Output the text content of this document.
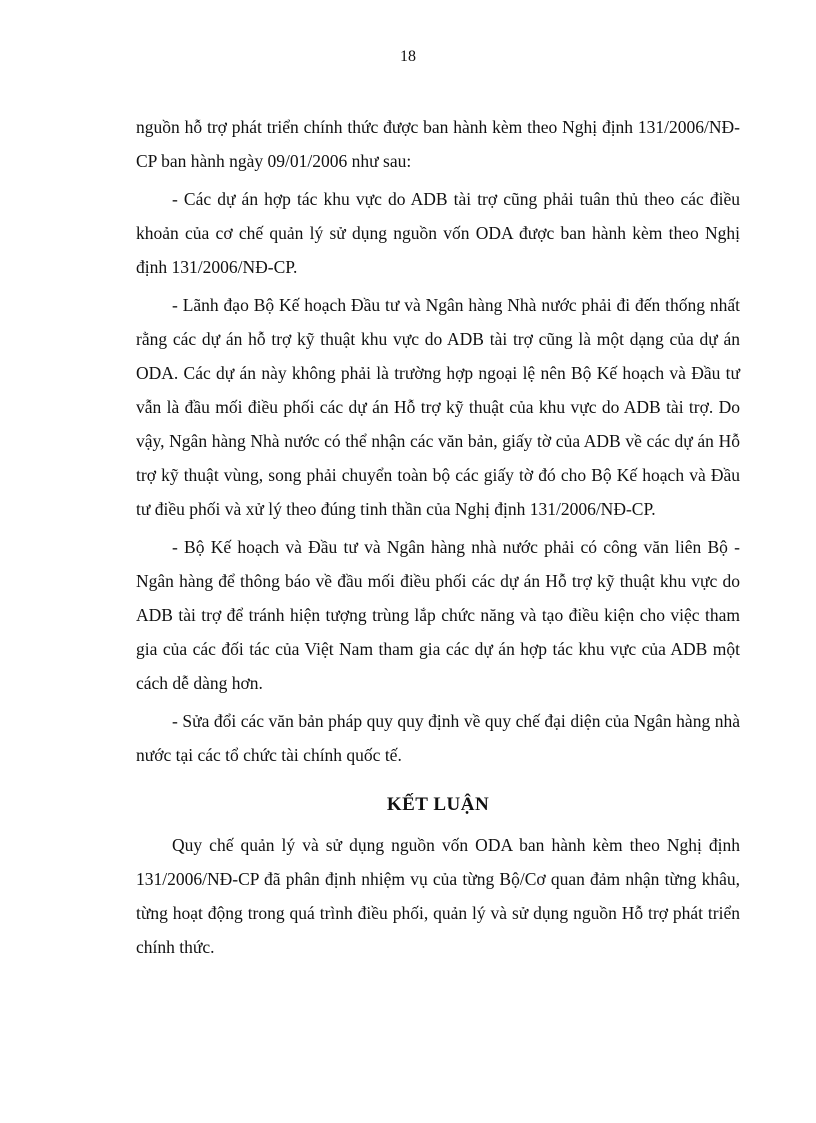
18

nguồn hỗ trợ phát triển chính thức được ban hành kèm theo Nghị định 131/2006/NĐ-CP ban hành ngày 09/01/2006 như sau:

- Các dự án hợp tác khu vực do ADB tài trợ cũng phải tuân thủ theo các điều khoản của cơ chế quản lý sử dụng nguồn vốn ODA được ban hành kèm theo Nghị định 131/2006/NĐ-CP.

- Lãnh đạo Bộ Kế hoạch Đầu tư và Ngân hàng Nhà nước phải đi đến thống nhất rằng các dự án hỗ trợ kỹ thuật khu vực do ADB tài trợ cũng là một dạng của dự án ODA. Các dự án này không phải là trường hợp ngoại lệ nên Bộ Kế hoạch và Đầu tư vẫn là đầu mối điều phối các dự án Hỗ trợ kỹ thuật của khu vực do ADB tài trợ. Do vậy, Ngân hàng Nhà nước có thể nhận các văn bản, giấy tờ của ADB về các dự án Hỗ trợ kỹ thuật vùng, song phải chuyển toàn bộ các giấy tờ đó cho Bộ Kế hoạch và Đầu tư điều phối và xử lý theo đúng tinh thần của Nghị định 131/2006/NĐ-CP.

- Bộ Kế hoạch và Đầu tư và Ngân hàng nhà nước phải có công văn liên Bộ - Ngân hàng để thông báo về đầu mối điều phối các dự án Hỗ trợ kỹ thuật khu vực do ADB tài trợ để tránh hiện tượng trùng lắp chức năng và tạo điều kiện cho việc tham gia của các đối tác của Việt Nam tham gia các dự án hợp tác khu vực của ADB một cách dễ dàng hơn.

- Sửa đổi các văn bản pháp quy quy định về quy chế đại diện của Ngân hàng nhà nước tại các tổ chức tài chính quốc tế.

KẾT LUẬN

Quy chế quản lý và sử dụng nguồn vốn ODA ban hành kèm theo Nghị định 131/2006/NĐ-CP đã phân định nhiệm vụ của từng Bộ/Cơ quan đảm nhận từng khâu, từng hoạt động trong quá trình điều phối, quản lý và sử dụng nguồn Hỗ trợ phát triển chính thức.
